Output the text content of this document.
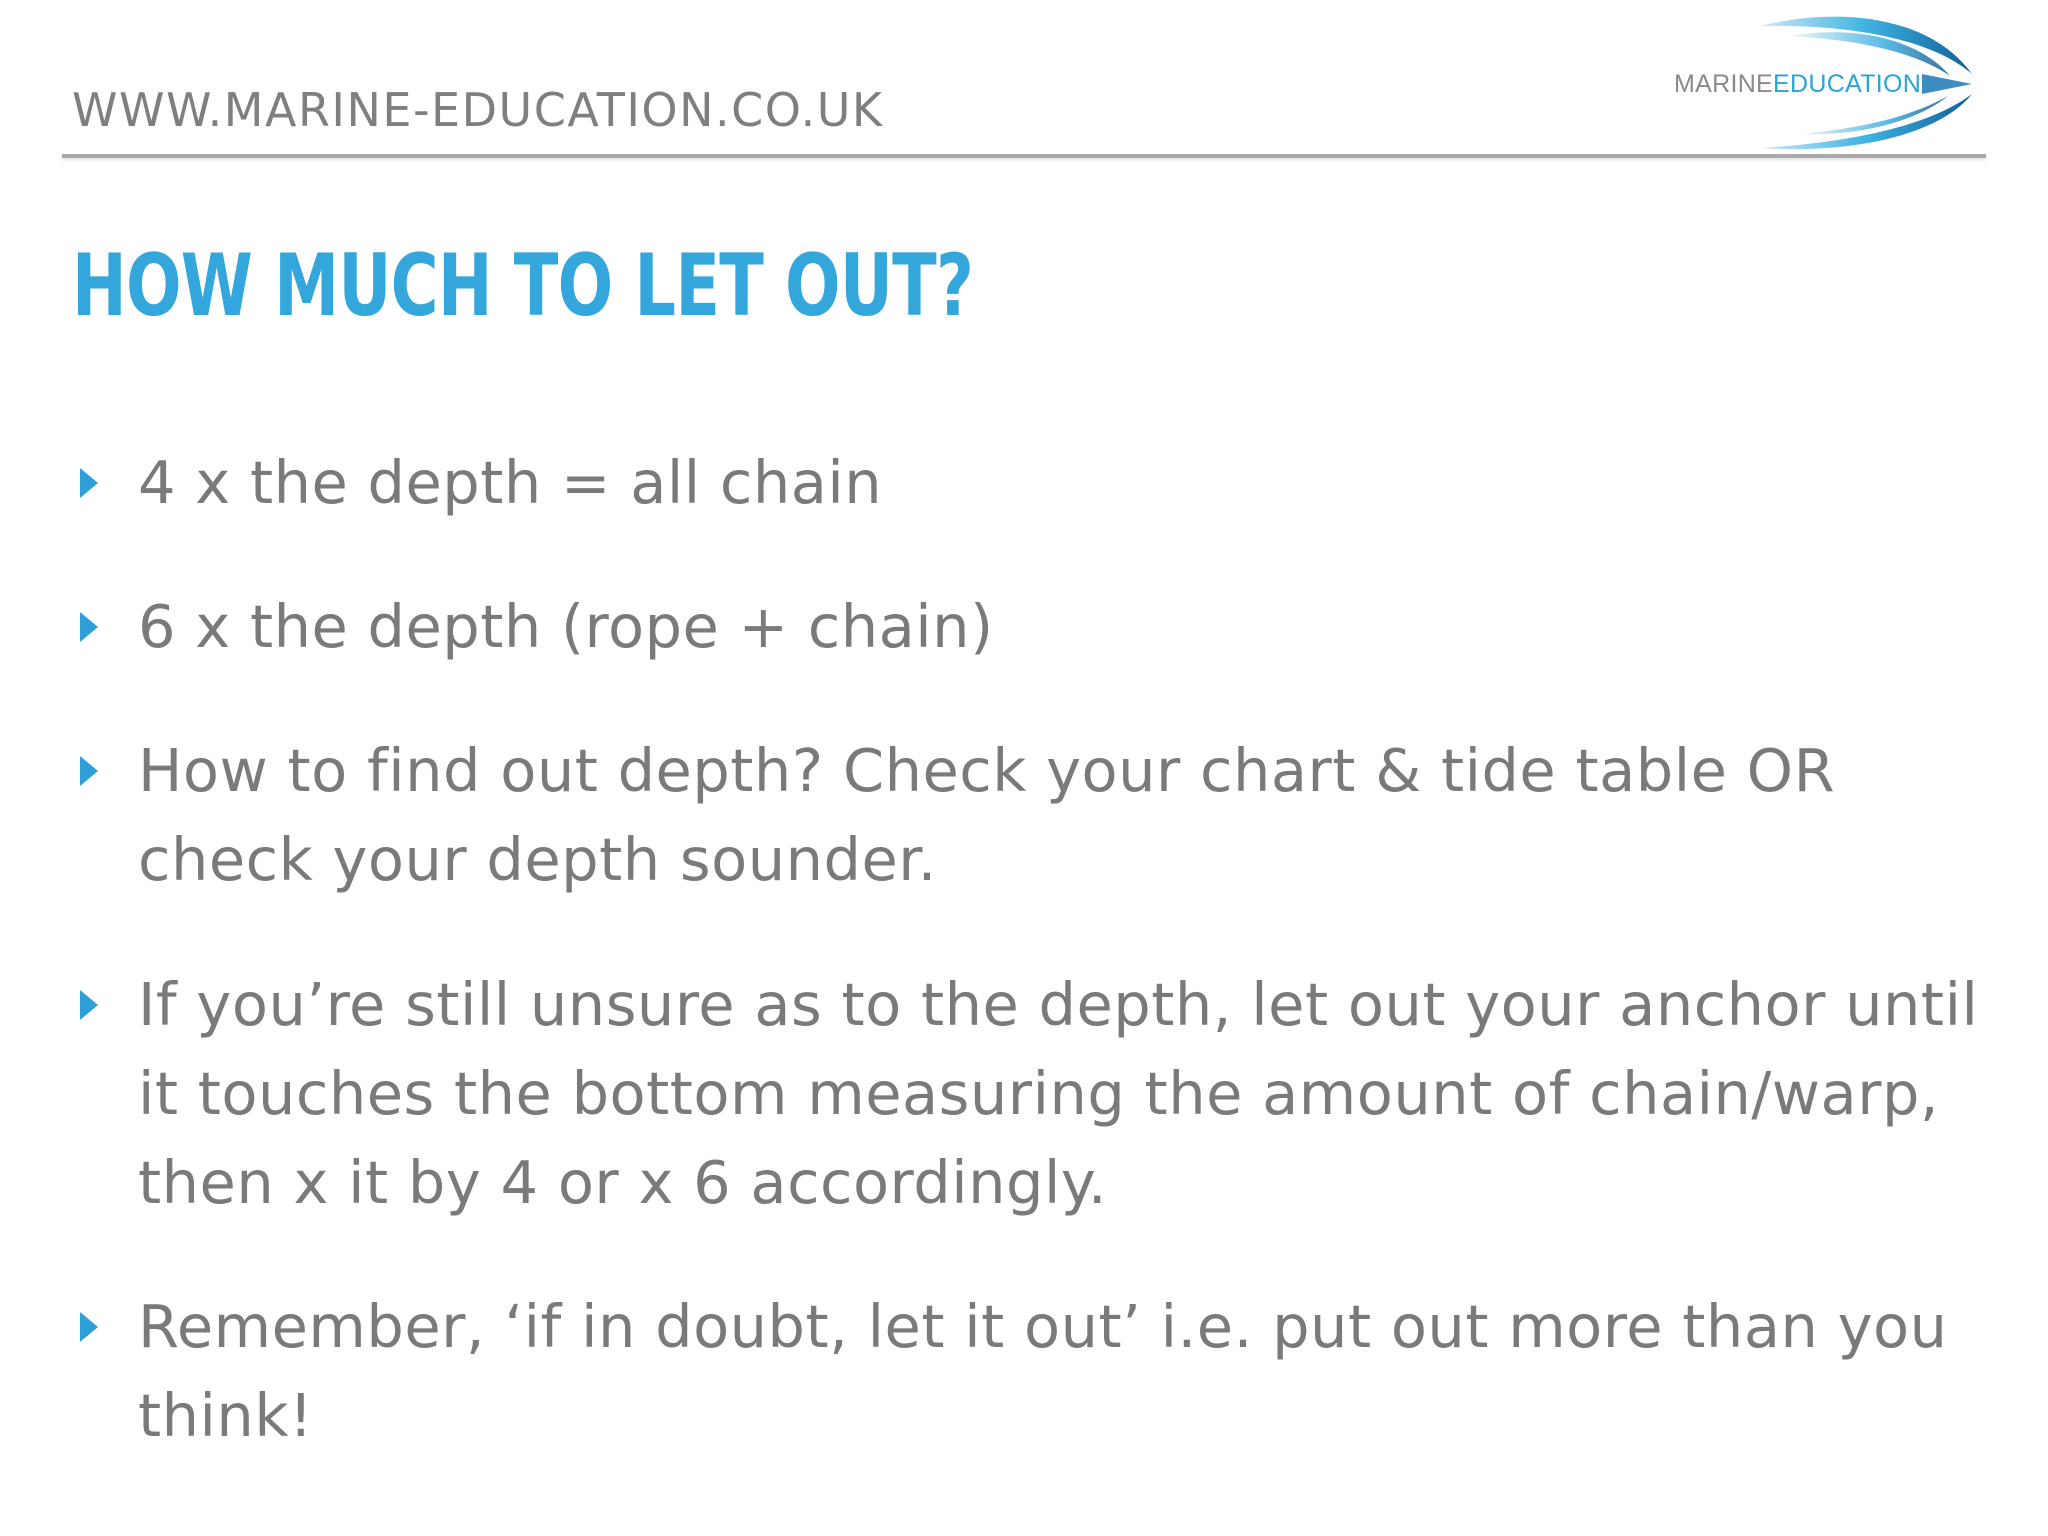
WWW.MARINE-EDUCATION.CO.UK	MARINEEDUCATION
HOW MUCH TO LET OUT?
4 x the depth = all chain
6 x the depth (rope + chain)
How to find out depth? Check your chart & tide table OR check your depth sounder.
If you’re still unsure as to the depth, let out your anchor until it touches the bottom measuring the amount of chain/warp, then x it by 4 or x 6 accordingly.
Remember, ‘if in doubt, let it out’ i.e. put out more than you think!
